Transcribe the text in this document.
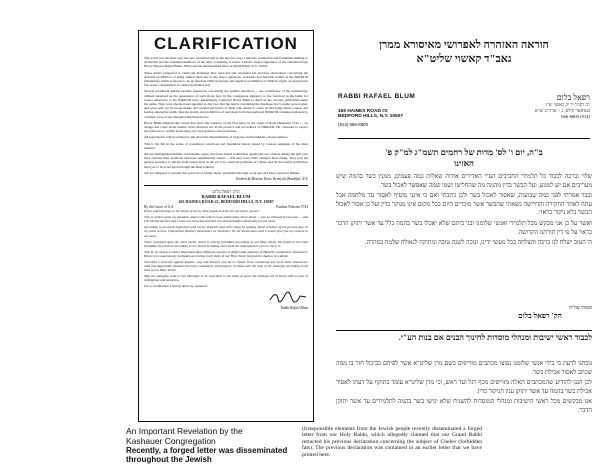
CLARIFICATION

The world was shocked over the new revelation that in the last few days a massive counterfeit and fraudulent mailing to all Rabbis and the esteemed members of the laity, consisting of letters with the forged signatures of the venerated Sage Horav Hagaon Rafael Blum, Shlita and his distinguished letter of Rabbi Blum, N.Y. 10952.

These letters purported to claim the Kashauer Rav retracted and rescinded his previous declaration concerning the absolute prohibition of using animal meat due to the major questions, problems and halachic doubts in the NIKKUR (deveining) which is known to be an absolute biblical precept and negative prohibition of biblical origin, as engraved in law as the consumption of chelev (forbidden fat).

Several prominent Rabbis became suspicious concerning the sudden retraction — the consistency of the terminology utilized surprised us the appearance of such about face by the courageous signatory to the forefront in the battle for proper adherence to the NIKKUR laws, immediately contacted Horav Blum to discover the veracity publicized under his name. They were shocked and appalled to discover that the letters containing the Kashauer Rav's name were forged, and were sent out by irresponsible and wicked purveyors of meat who desire to cause ill and bring about a sense and feeling among the public that the doubts and prohibition of treif meat from the unaltered NIKKUR continue unabated by a further wave of the disrupted Machatzeh laws.

Horav Blum emphatically stated that since the issuance of his first letter in the week of Rosh Hashanah 5743 — no change has come about neither in his decision nor in the practice and procedures of NIKKUR. He continues to expect his followers to refrain from using any beef products and provisions.

All legal means will be utilized to pin down the dissemination of forgeries and fraudulent correspondence.

This is the 6th in the series of scandalous scurrilous and fraudulent letters issued by various segments of the meat industry.

All the distinguished Rabbis and halachic sages who have issued prohibition against the use of meat during the past year have restated their positions and have emphatically stated — that they have NOT changed their ruling. They join the general populace to refrain from eating meat as the yet to be resolved problems of Chelev and its successful prohibition have yet to be acted upon through the meat industry.

All are obligated to prevent this great sin of eating chelev prohibited through cover-ups and false reports in Nikkur.

Yeshiva & Mesivta Toras Yirmiyah, Brooklyn, N.Y.
הרב רפאל בלום
RABBI RAFAEL BLUM
165 HAINES ROAD #2, BEDFORD HILLS, N.Y. 10507
By the Grace of G-d	Parshas Nitzvim 5743

Peace and blessings to the honor of all my dear pupils and the AG anywhere you are.

This is written upon my demand; what is this which I was asked many times about — are we allowed to eat meat — and I do hereby declare that I have not retracted and that it is still forbidden (absolutely) to eat meat.

According to personal inspection with all my students, and with ruling by leading Torah scholars of the present-day; to my great sorrow, I found that (kosher) meat bears no 'hechsher' for the Torah laws, and I cannot give you my consent to eat meat.

There remained upon the meat chelev which is strictly forbidden according to our Holy Torah. We found in the meat forbidden fat (chelev) according to our Torah including veins from the hind quarters even in the U.S.

This by no means a matter dependent upon different customs or differential opinions of Halachic authorities whatsoever. Hence it is unanimously forbidden according to all sides of our Holy Torah beyond the shadow of a doubt.

Therefore I sincerely appeal implore, beg and beseech you all to refrain from consuming any more meat whatsoever until this deplorable situation becomes completely and properly rectified with the help of the Almighty according to all laws of our Holy Torah.

May the Almighty send us his blessings to be inscribed in the book of good life amongst all of Israel with a year of redemption and salvation.

For a certification I hereby attest my signature

Rabbi Rafael Blum
An Important Revelation by the
Kashauer Congregation
Recently, a forged letter was disseminated throughout the Jewish
(Irresponsible elements from the Jewish people recently disseminated a forged letter from our Holy Rabbi, which allegedly claimed that our Grand Rabbi retracted his previous declaration concerning the subject of Chelev (forbidden fats). The previous declaration was contained in an earlier letter that we have printed here.
הוראה האזהרה לאפרושי מאיסורא ממרן
גאב"ד קאשוי שליט"א
RABBI RAFAEL BLUM
165 HAINES ROAD #2
BEDFORD HILLS, N.Y. 10507
(914) 666-6800
רפאל בלום
רב דקהל יד יק קאשוי יצ"ו
בעדפאר הילס, נ. י. ארה"ב יע"א
(914) 666-6800
ב"ה, יום ו' לס' מדות של רחמים תשמ"ג למ"ק פ'
האזינו

שלוי וברכה לכבוד כל תלמידי החביבים הע"י האדירים אודות שאלות כמה פעמים, ממנין בשר בהמה שיש מעריבים אם יש למנוע, ועל הבשר בדין מהמה מה שהחליטו ושמו שמה שאפשר לאכול בשר.

וכבר אמרתי לפני כמה שבועות, שאסור לאכול בשר ולכן כתבתי ואם כי אינני מוסיף לאסור נגד מלחמה אבל עתה לאחר החקירה והדרישה מצאתי שהבשר אשר מוכרים היום בכל מקום אינו מנוקר כדין ועל כן אסור לאכול הבשר בלא ניקור כראוי.

ואשר על כן אני מבקש מכל תלמידי ואנשי שלומנו ובני ביתם שלא יאכלו בשר בהמה כלל עד אשר יתוקן הדבר כראוי על פי דין תורתנו הקדושה.

ה' הטוב ישלח לנו ברכה והצלחה בכל מעשי ידינו, ונזכה לשנה טובה ומתוקה לגאולה שלמה במהרה.

ובאתי עה"ח
הק' רפאל בלום
לכבוד ראשי ישיבות ומנהלי מוסדות לחינוך הבנים אם בנות הע"י.

נוכחנו לדעת כי בידי אנשי שלומנו נפוצו מכתבים מזוייפים בשם מרן שליט"א אשר לפיהם כביכול חזר בו ממה שכתב לאסור אכילת בשר.

לכן הננו להודיע שהמכתבים האלה מזוייפים מכף רגל ועד ראש, וכי מרן שליט"א עומד בתוקף על דעתו לאסור אכילת בשר בהמה עד אשר יתוקן ענין הניקור כדין.

אנו מבקשים מכל ראשי הישיבות ומנהלי המוסדות להשגיח שלא יגישו בשר בהמה לתלמידים עד אשר יתוקן הדבר.
